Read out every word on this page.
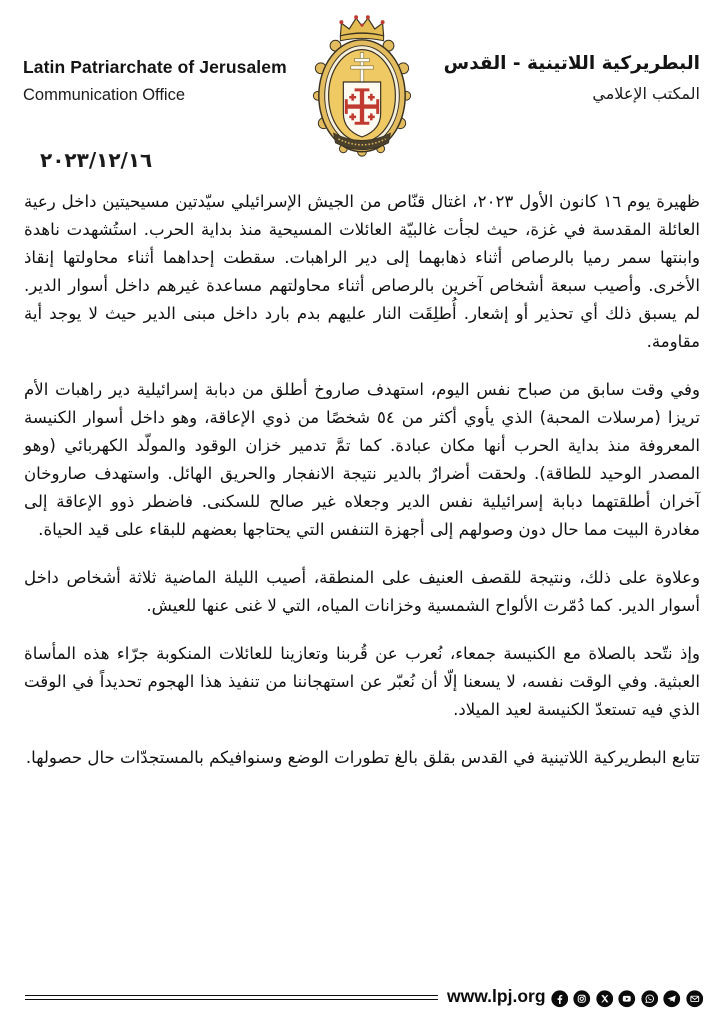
Latin Patriarchate of Jerusalem
Communication Office
البطريركية اللاتينية - القدس
المكتب الإعلامي
٢٠٢٣/١٢/١٦

ظهيرة يوم ١٦ كانون الأول ٢٠٢٣، اغتال قنّاص من الجيش الإسرائيلي سيّدتين مسيحيتين داخل رعية العائلة المقدسة في غزة، حيث لجأت غالبيّة العائلات المسيحية منذ بداية الحرب. استُشهدت ناهدة وابنتها سمر رميا بالرصاص أثناء ذهابهما إلى دير الراهبات. سقطت إحداهما أثناء محاولتها إنقاذ الأخرى. وأصيب سبعة أشخاص آخرين بالرصاص أثناء محاولتهم مساعدة غيرهم داخل أسوار الدير. لم يسبق ذلك أي تحذير أو إشعار. أُطلِقَت النار عليهم بدم بارد داخل مبنى الدير حيث لا يوجد أية مقاومة.

وفي وقت سابق من صباح نفس اليوم، استهدف صاروخ أطلق من دبابة إسرائيلية دير راهبات الأم تريزا (مرسلات المحبة) الذي يأوي أكثر من ٥٤ شخصًا من ذوي الإعاقة، وهو داخل أسوار الكنيسة المعروفة منذ بداية الحرب أنها مكان عبادة. كما تمَّ تدمير خزان الوقود والمولّد الكهربائي (وهو المصدر الوحيد للطاقة). ولحقت أضرارٌ بالدير نتيجة الانفجار والحريق الهائل. واستهدف صاروخان آخران أطلقتهما دبابة إسرائيلية نفس الدير وجعلاه غير صالح للسكنى. فاضطر ذوو الإعاقة إلى مغادرة البيت مما حال دون وصولهم إلى أجهزة التنفس التي يحتاجها بعضهم للبقاء على قيد الحياة.

وعلاوة على ذلك، ونتيجة للقصف العنيف على المنطقة، أصيب الليلة الماضية ثلاثة أشخاص داخل أسوار الدير. كما دُمّرت الألواح الشمسية وخزانات المياه، التي لا غنى عنها للعيش.

وإذ نتّحد بالصلاة مع الكنيسة جمعاء، نُعرب عن قُربنا وتعازينا للعائلات المنكوبة جرّاء هذه المأساة العبثية. وفي الوقت نفسه، لا يسعنا إلّا أن نُعبّر عن استهجاننا من تنفيذ هذا الهجوم تحديداً في الوقت الذي فيه تستعدّ الكنيسة لعيد الميلاد.

تتابع البطريركية اللاتينية في القدس بقلق بالغ تطورات الوضع وسنوافيكم بالمستجدّات حال حصولها.

www.lpj.org
